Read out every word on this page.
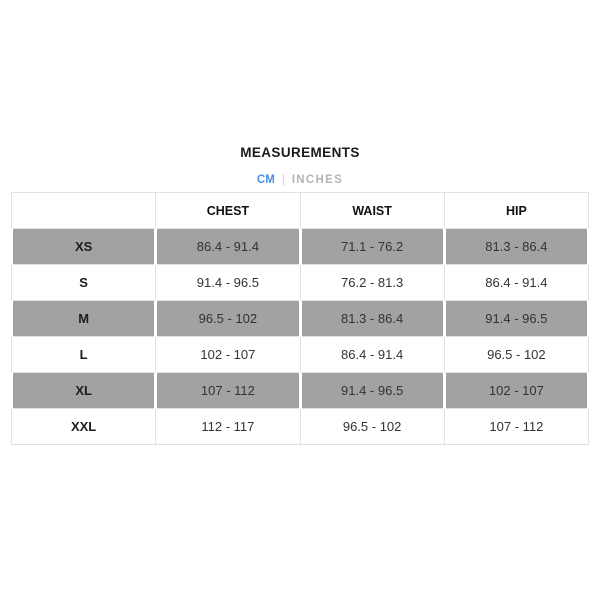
MEASUREMENTS
CM | INCHES
	CHEST	WAIST	HIP
XS	86.4 - 91.4	71.1 - 76.2	81.3 - 86.4
S	91.4 - 96.5	76.2 - 81.3	86.4 - 91.4
M	96.5 - 102	81.3 - 86.4	91.4 - 96.5
L	102 - 107	86.4 - 91.4	96.5 - 102
XL	107 - 112	91.4 - 96.5	102 - 107
XXL	112 - 117	96.5 - 102	107 - 112
